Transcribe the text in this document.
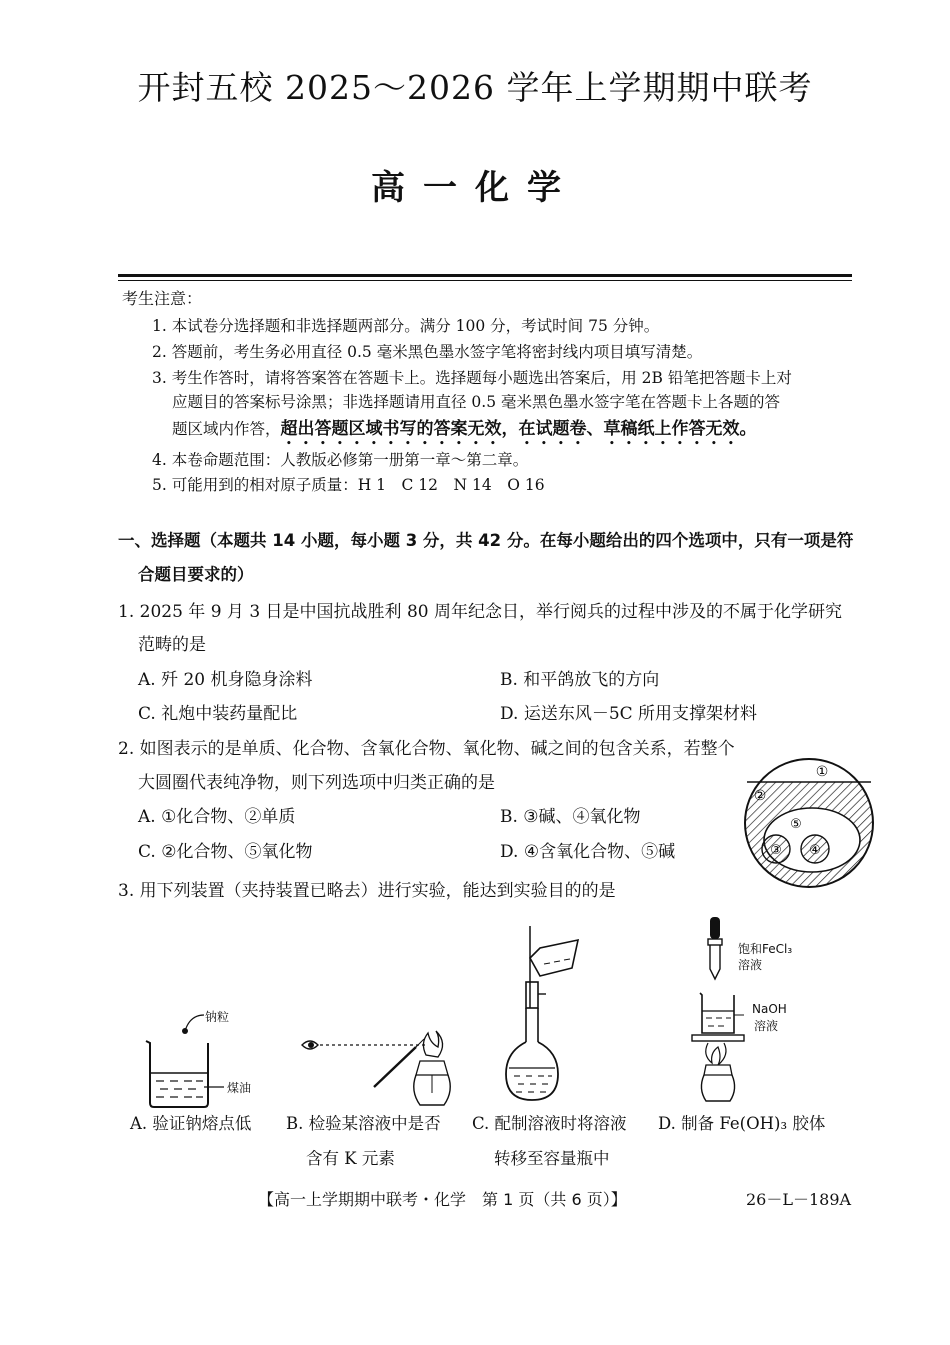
开封五校 2025～2026 学年上学期期中联考
高一化学
考生注意：
1. 本试卷分选择题和非选择题两部分。满分 100 分，考试时间 75 分钟。
2. 答题前，考生务必用直径 0.5 毫米黑色墨水签字笔将密封线内项目填写清楚。
3. 考生作答时，请将答案答在答题卡上。选择题每小题选出答案后，用 2B 铅笔把答题卡上对
应题目的答案标号涂黑；非选择题请用直径 0.5 毫米黑色墨水签字笔在答题卡上各题的答
题区域内作答，超出答题区域书写的答案无效，在试题卷、草稿纸上作答无效。
4. 本卷命题范围：人教版必修第一册第一章～第二章。
5. 可能用到的相对原子质量：H 1　C 12　N 14　O 16
一、选择题（本题共 14 小题，每小题 3 分，共 42 分。在每小题给出的四个选项中，只有一项是符
合题目要求的）
1. 2025 年 9 月 3 日是中国抗战胜利 80 周年纪念日，举行阅兵的过程中涉及的不属于化学研究
范畴的是
A. 歼 20 机身隐身涂料	B. 和平鸽放飞的方向
C. 礼炮中装药量配比	D. 运送东风－5C 所用支撑架材料
2. 如图表示的是单质、化合物、含氧化合物、氧化物、碱之间的包含关系，若整个
大圆圈代表纯净物，则下列选项中归类正确的是
A. ①化合物、②单质	B. ③碱、④氧化物
C. ②化合物、⑤氧化物	D. ④含氧化合物、⑤碱
①
②
③ ④
⑤
3. 用下列装置（夹持装置已略去）进行实验，能达到实验目的的是
钠粒
煤油
饱和FeCl₃
溶液
NaOH
溶液
A. 验证钠熔点低 B. 检验某溶液中是否
含有 K 元素
C. 配制溶液时将溶液
转移至容量瓶中
D. 制备 Fe(OH)₃ 胶体
【高一上学期期中联考・化学　第 1 页（共 6 页）】	26－L－189A
